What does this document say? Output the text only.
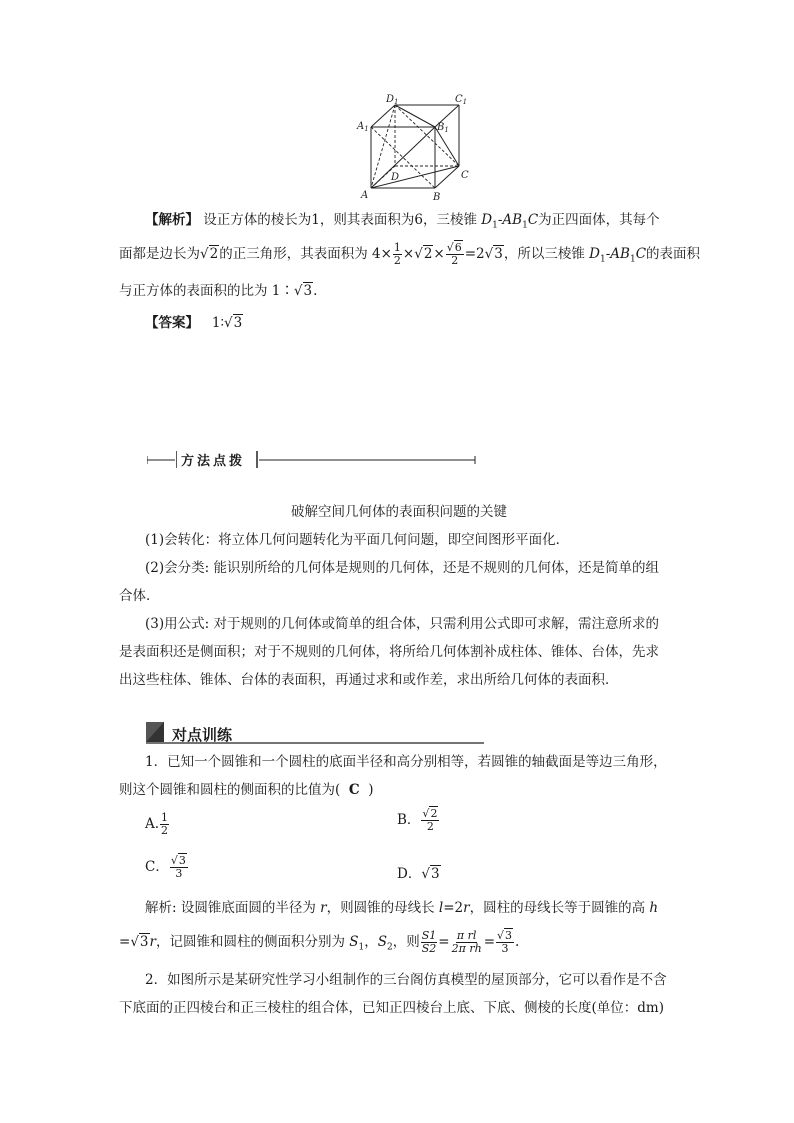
$D_1$	$C_1$
$A_1$	$B_1$
D	C
A	B
【解析】 设正方体的棱长为1，则其表面积为6，三棱锥 $D_1-AB_1C$为正四面体，其每个
面都是边长为√2的正三角形，其表面积为 $4\times \frac{1}{2} \times√2\times \frac{√6}{2} =2√3$，所以三棱锥 $D_1-AB_1C$的表面积
与正方体的表面积的比为 1∶√3.
【答案】 1∶√3
方法点拨
破解空间几何体的表面积问题的关键
(1)会转化：将立体几何问题转化为平面几何问题，即空间图形平面化．
(2)会分类: 能识别所给的几何体是规则的几何体，还是不规则的几何体，还是简单的组
合体．
(3)用公式: 对于规则的几何体或简单的组合体，只需利用公式即可求解，需注意所求的
是表面积还是侧面积；对于不规则的几何体，将所给几何体割补成柱体、锥体、台体，先求
出这些柱体、锥体、台体的表面积，再通过求和或作差，求出所给几何体的表面积．
对点训练
1．已知一个圆锥和一个圆柱的底面半径和高分别相等，若圆锥的轴截面是等边三角形，
则这个圆锥和圆柱的侧面积的比值为( C )
A. $\frac{1}{2}$	B． $\frac{√2}{2}$
C． $\frac{√3}{3}$	D．√3
解析: 设圆锥底面圆的半径为 r，则圆锥的母线长 l=2r，圆柱的母线长等于圆锥的高 h
=√3r，记圆锥和圆柱的侧面积分别为 $S_1$，$S_2$，则 $\frac{S1}{S2} = \frac{\text{π rl}}{\text{2π rh}} = \frac{√3}{3}$ .
2．如图所示是某研究性学习小组制作的三台阁仿真模型的屋顶部分，它可以看作是不含
下底面的正四棱台和正三棱柱的组合体，已知正四棱台上底、下底、侧棱的长度(单位：dm)
